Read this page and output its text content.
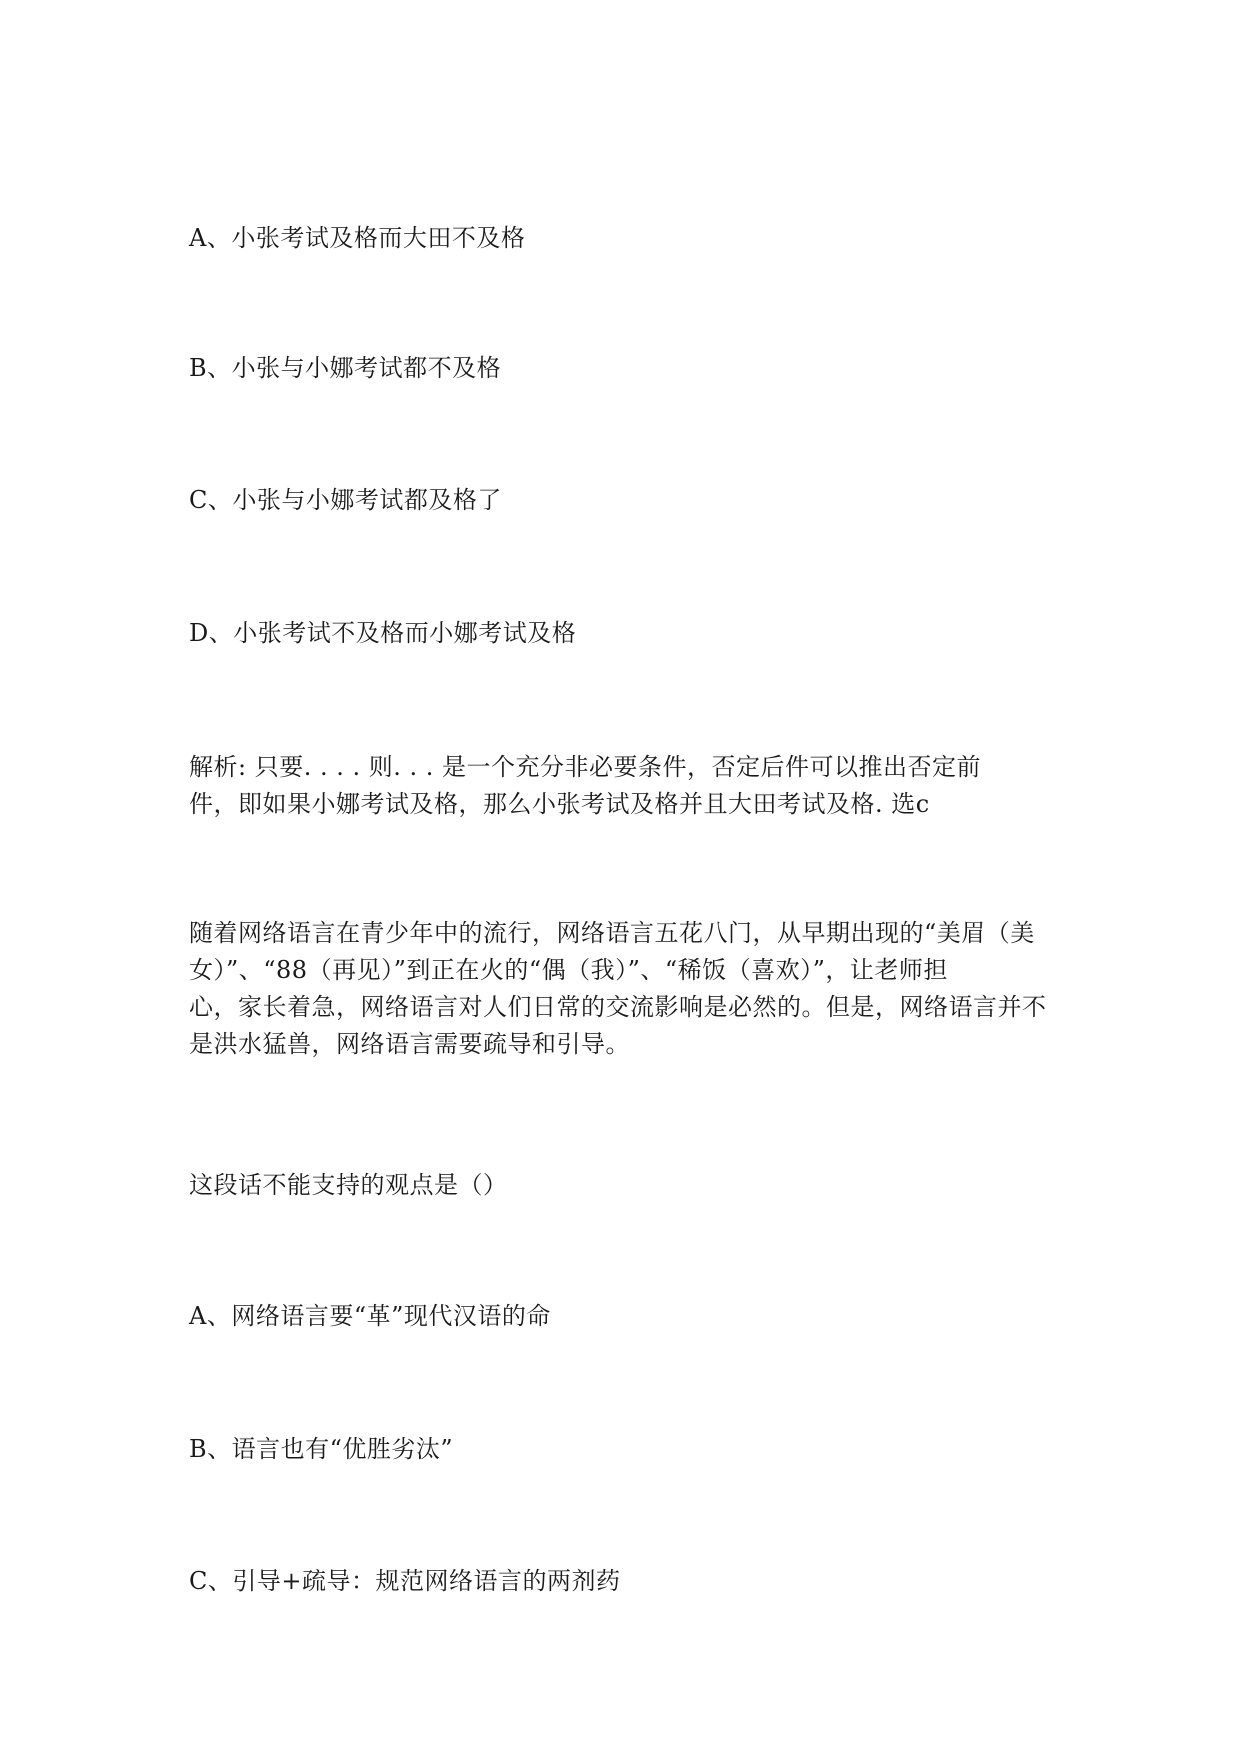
A、小张考试及格而大田不及格
B、小张与小娜考试都不及格
C、小张与小娜考试都及格了
D、小张考试不及格而小娜考试及格
解析: 只要. . . . 则. . . 是一个充分非必要条件，否定后件可以推出否定前
件，即如果小娜考试及格，那么小张考试及格并且大田考试及格. 选c
随着网络语言在青少年中的流行，网络语言五花八门，从早期出现的“美眉（美
女）”、“88（再见）”到正在火的“偶（我）”、“稀饭（喜欢）”，让老师担
心，家长着急，网络语言对人们日常的交流影响是必然的。但是，网络语言并不
是洪水猛兽，网络语言需要疏导和引导。
这段话不能支持的观点是（）
A、网络语言要“革”现代汉语的命
B、语言也有“优胜劣汰”
C、引导+疏导：规范网络语言的两剂药
